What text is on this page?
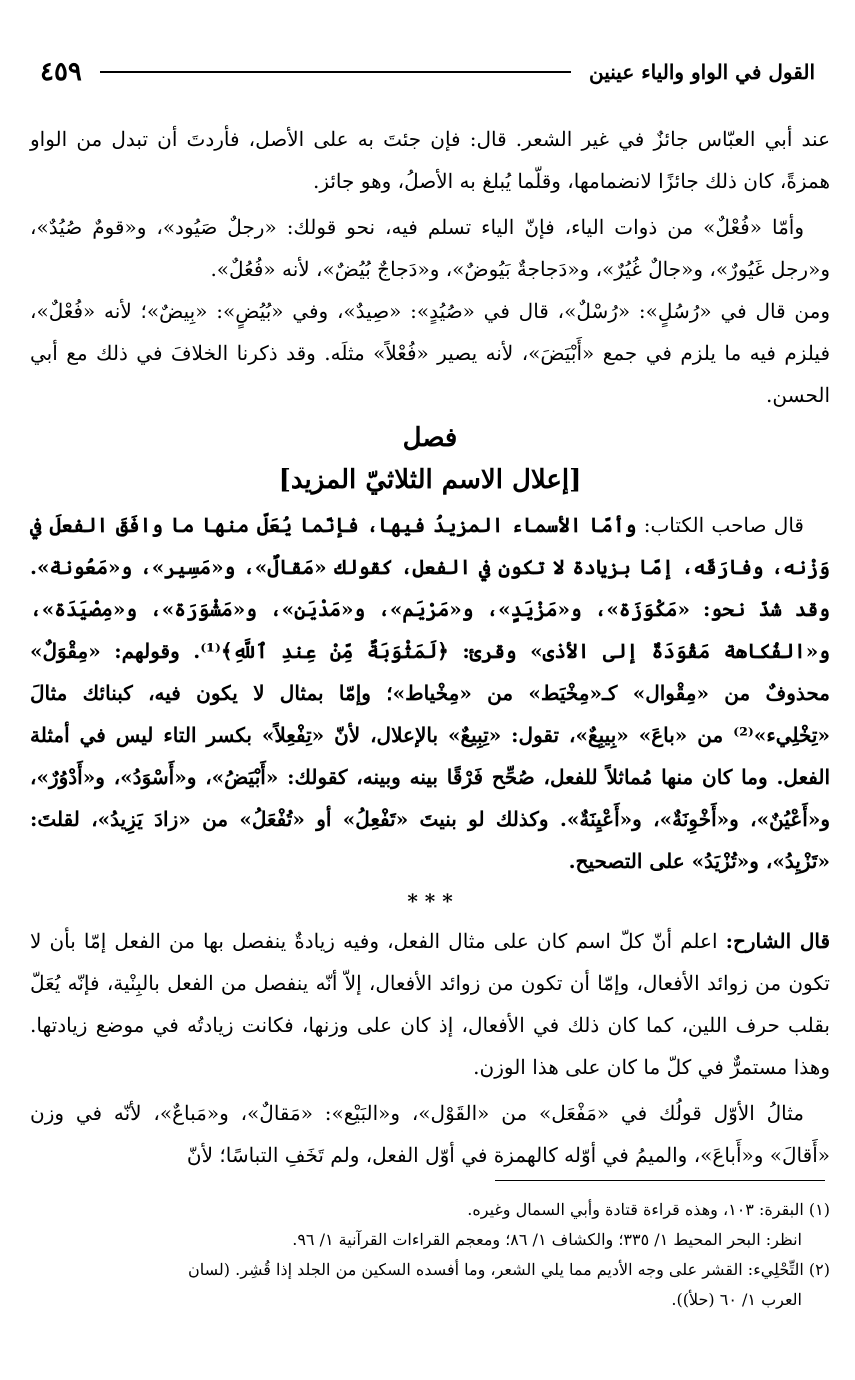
القول في الواو والياء عينين
٤٥٩

عند أبي العبّاس جائزٌ في غير الشعر. قال: فإن جئتَ به على الأصل، فأردتَ أن تبدل من الواو همزةً، كان ذلك جائزًا لانضمامها، وقلّما يُبلغ به الأصلُ، وهو جائز.

وأمّا «فُعْلٌ» من ذوات الياء، فإنّ الياء تسلم فيه، نحو قولك: «رجلٌ صَيُود»، و«قومٌ صُيُدٌ»، و«رجل غَيُورٌ»، و«جالٌ غُيُرٌ»، و«دَجاجةٌ بَيُوضٌ»، و«دَجاجٌ بُيُضٌ»، لأنه «فُعُلٌ».

ومن قال في «رُسُلٍ»: «رُسْلٌ»، قال في «صُيُدٍ»: «صِيدٌ»، وفي «بُيُضٍ»: «بِيضٌ»؛ لأنه «فُعْلٌ»، فيلزم فيه ما يلزم في جمع «أَبْيَضَ»، لأنه يصير «فُعْلاً» مثلَه. وقد ذكرنا الخلافَ في ذلك مع أبي الحسن.

فصل
[إعلال الاسم الثلاثيّ المزيد]

قال صاحب الكتاب: وأمّا الأسماء المزيدُ فيها، فإنّما يُعَلّ منها ما وافَقَ الفعلَ في وَزْنه، وفارَقَه، إمّا بزيادة لا تكون في الفعل، كقولك «مَقالٌ»، و«مَسِير»، و«مَعُونة». وقد شذّ نحو: «مَكْوَزَة»، و«مَزْيَدٍ»، و«مَرْيَم»، و«مَدْيَن»، و«مَشْوَرَة»، و«مِصْيَدَة»، و«الفُكاهة مَقْوَدَةٌ إلى الأذى» وقرئ: ﴿لَمَثْوَبَةٌ مِّنْ عِندِ ٱللَّهِ﴾⁽¹⁾. وقولهم: «مِقْوَلٌ» محذوفٌ من «مِقْوال» كـ«مِخْيَط» من «مِخْياط»؛ وإمّا بمثال لا يكون فيه، كبنائك مثالَ «تِخْلِيء»⁽²⁾ من «باعَ» «بِيبِعٌ»، تقول: «تِبِيعٌ» بالإعلال، لأنّ «تِفْعِلاً» بكسر التاء ليس في أمثلة الفعل. وما كان منها مُماثلاً للفعل، صُحِّح فَرْقًا بينه وبينه، كقولك: «أَبْيَضُ»، و«أَسْوَدُ»، و«أَدْوُرٌ»، و«أَعْيُنٌ»، و«أَخْوِنَةٌ»، و«أَعْيِنَةٌ». وكذلك لو بنيتَ «تَفْعِلُ» أو «تُفْعَلُ» من «زادَ يَزِيدُ»، لقلتَ: «تَزْيِدُ»، و«تُزْيَدُ» على التصحيح.

* * *

قال الشارح: اعلم أنّ كلّ اسم كان على مثال الفعل، وفيه زيادةٌ ينفصل بها من الفعل إمّا بأن لا تكون من زوائد الأفعال، وإمّا أن تكون من زوائد الأفعال، إلاّ أنّه ينفصل من الفعل بالبِنْية، فإنّه يُعَلّ بقلب حرف اللين، كما كان ذلك في الأفعال، إذ كان على وزنها، فكانت زيادتُه في موضع زيادتها. وهذا مستمرٌّ في كلّ ما كان على هذا الوزن.

مثالُ الأوّل قولُك في «مَفْعَل» من «القَوْل»، و«البَيْع»: «مَقالٌ»، و«مَباعٌ»، لأنّه في وزن «أَقالَ» و«أَباعَ»، والميمُ في أوّله كالهمزة في أوّل الفعل، ولم تَخَفِ التباسًا؛ لأنّ

(١) البقرة: ١٠٣، وهذه قراءة قتادة وأبي السمال وغيره.

انظر: البحر المحيط ١/ ٣٣٥؛ والكشاف ١/ ٨٦؛ ومعجم القراءات القرآنية ١/ ٩٦.

(٢) التِّحْلِيء: القشر على وجه الأديم مما يلي الشعر، وما أفسده السكين من الجلد إذا قُشِر. (لسان

العرب ١/ ٦٠ (حلأ)).
